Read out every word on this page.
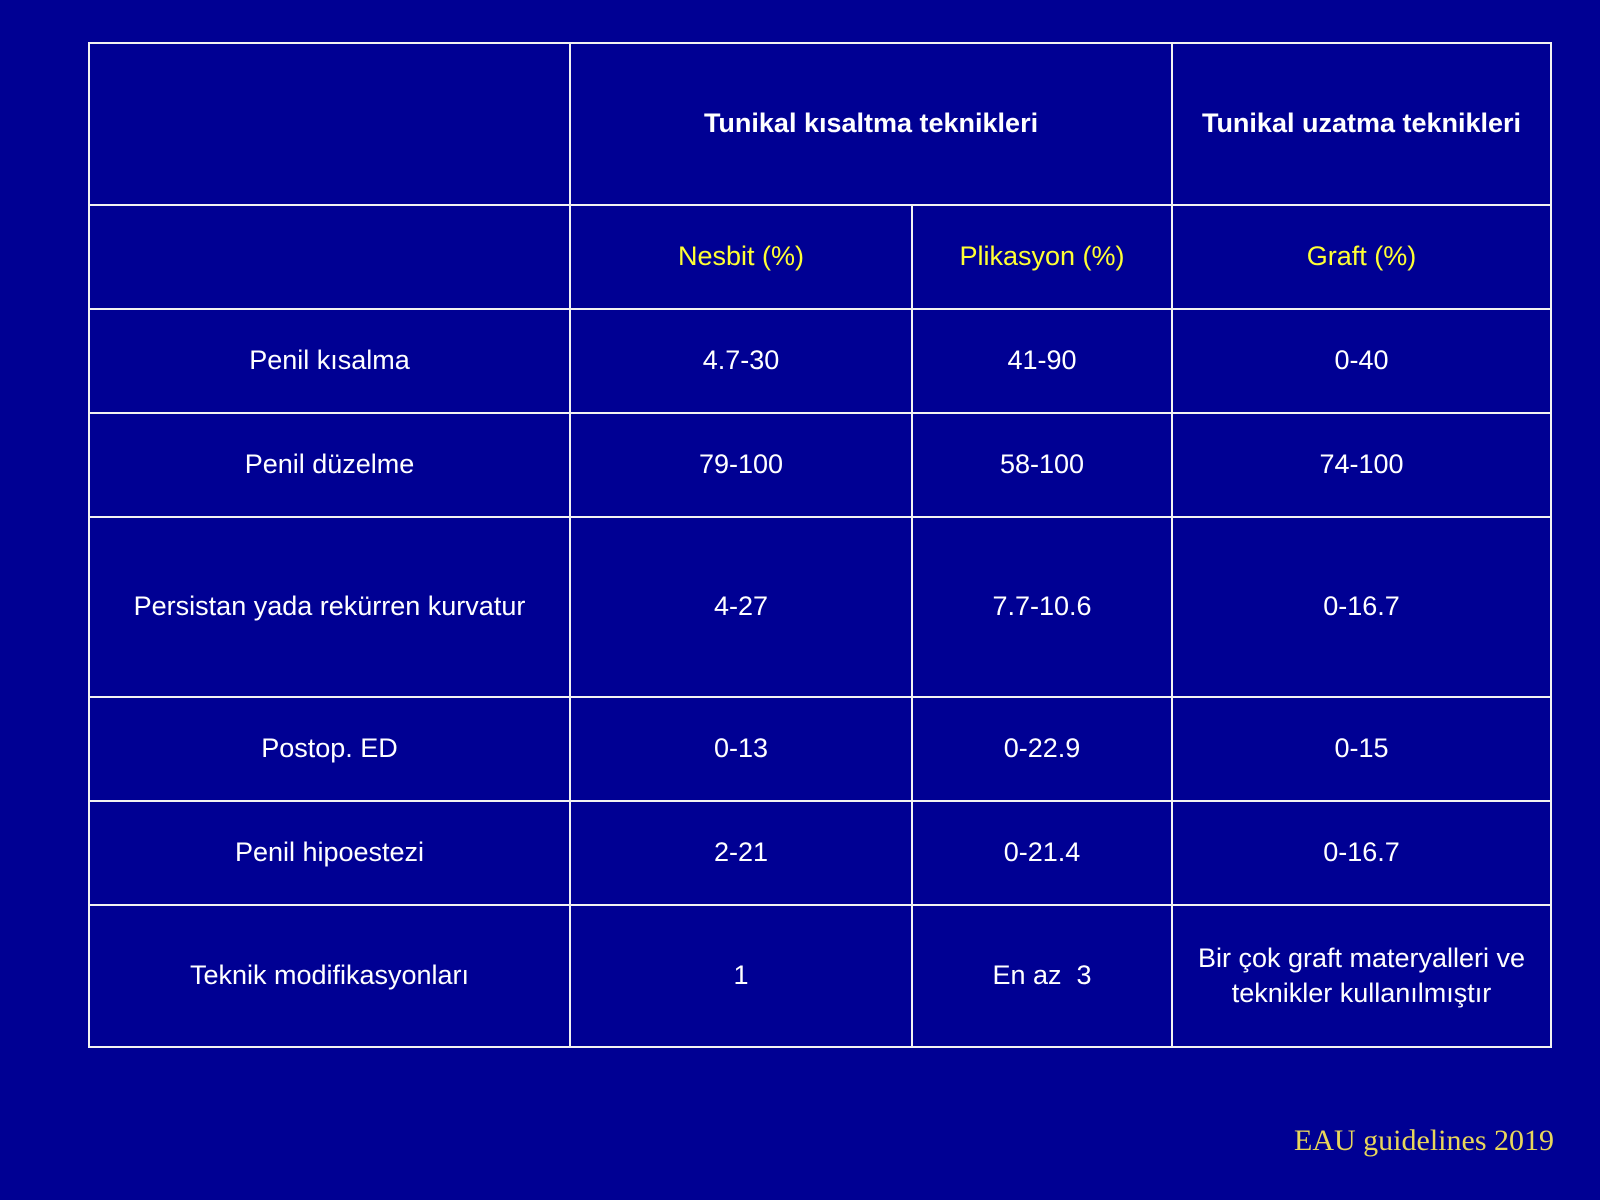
	Tunikal kısaltma teknikleri		Tunikal uzatma teknikleri
	Nesbit (%)	Plikasyon (%)	Graft (%)
Penil kısalma	4.7-30	41-90	0-40
Penil düzelme	79-100	58-100	74-100
Persistan yada rekürren kurvatur	4-27	7.7-10.6	0-16.7
Postop. ED	0-13	0-22.9	0-15
Penil hipoestezi	2-21	0-21.4	0-16.7
Teknik modifikasyonları	1	En az  3	Bir çok graft materyalleri ve teknikler kullanılmıştır
EAU guidelines 2019
